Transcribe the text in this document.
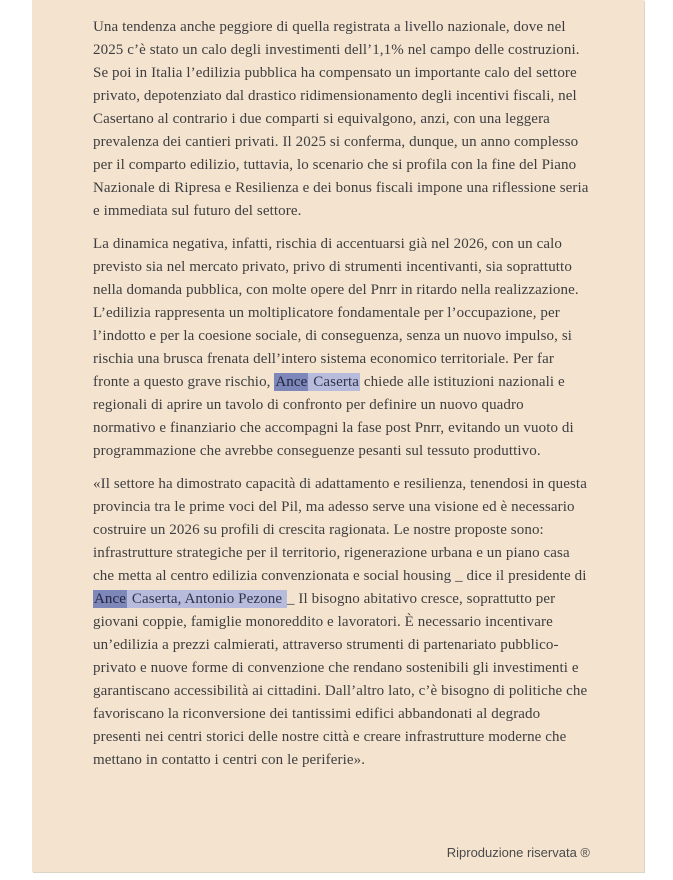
Una tendenza anche peggiore di quella registrata a livello nazionale, dove nel 2025 c’è stato un calo degli investimenti dell’1,1% nel campo delle costruzioni. Se poi in Italia l’edilizia pubblica ha compensato un importante calo del settore privato, depotenziato dal drastico ridimensionamento degli incentivi fiscali, nel Casertano al contrario i due comparti si equivalgono, anzi, con una leggera prevalenza dei cantieri privati. Il 2025 si conferma, dunque, un anno complesso per il comparto edilizio, tuttavia, lo scenario che si profila con la fine del Piano Nazionale di Ripresa e Resilienza e dei bonus fiscali impone una riflessione seria e immediata sul futuro del settore.

La dinamica negativa, infatti, rischia di accentuarsi già nel 2026, con un calo previsto sia nel mercato privato, privo di strumenti incentivanti, sia soprattutto nella domanda pubblica, con molte opere del Pnrr in ritardo nella realizzazione. L’edilizia rappresenta un moltiplicatore fondamentale per l’occupazione, per l’indotto e per la coesione sociale, di conseguenza, senza un nuovo impulso, si rischia una brusca frenata dell’intero sistema economico territoriale. Per far fronte a questo grave rischio, Ance Caserta chiede alle istituzioni nazionali e regionali di aprire un tavolo di confronto per definire un nuovo quadro normativo e finanziario che accompagni la fase post Pnrr, evitando un vuoto di programmazione che avrebbe conseguenze pesanti sul tessuto produttivo.

«Il settore ha dimostrato capacità di adattamento e resilienza, tenendosi in questa provincia tra le prime voci del Pil, ma adesso serve una visione ed è necessario costruire un 2026 su profili di crescita ragionata. Le nostre proposte sono: infrastrutture strategiche per il territorio, rigenerazione urbana e un piano casa che metta al centro edilizia convenzionata e social housing _ dice il presidente di Ance Caserta, Antonio Pezone _ Il bisogno abitativo cresce, soprattutto per giovani coppie, famiglie monoreddito e lavoratori. È necessario incentivare un’edilizia a prezzi calmierati, attraverso strumenti di partenariato pubblico-privato e nuove forme di convenzione che rendano sostenibili gli investimenti e garantiscano accessibilità ai cittadini. Dall’altro lato, c’è bisogno di politiche che favoriscano la riconversione dei tantissimi edifici abbandonati al degrado presenti nei centri storici delle nostre città e creare infrastrutture moderne che mettano in contatto i centri con le periferie».

Riproduzione riservata ®
